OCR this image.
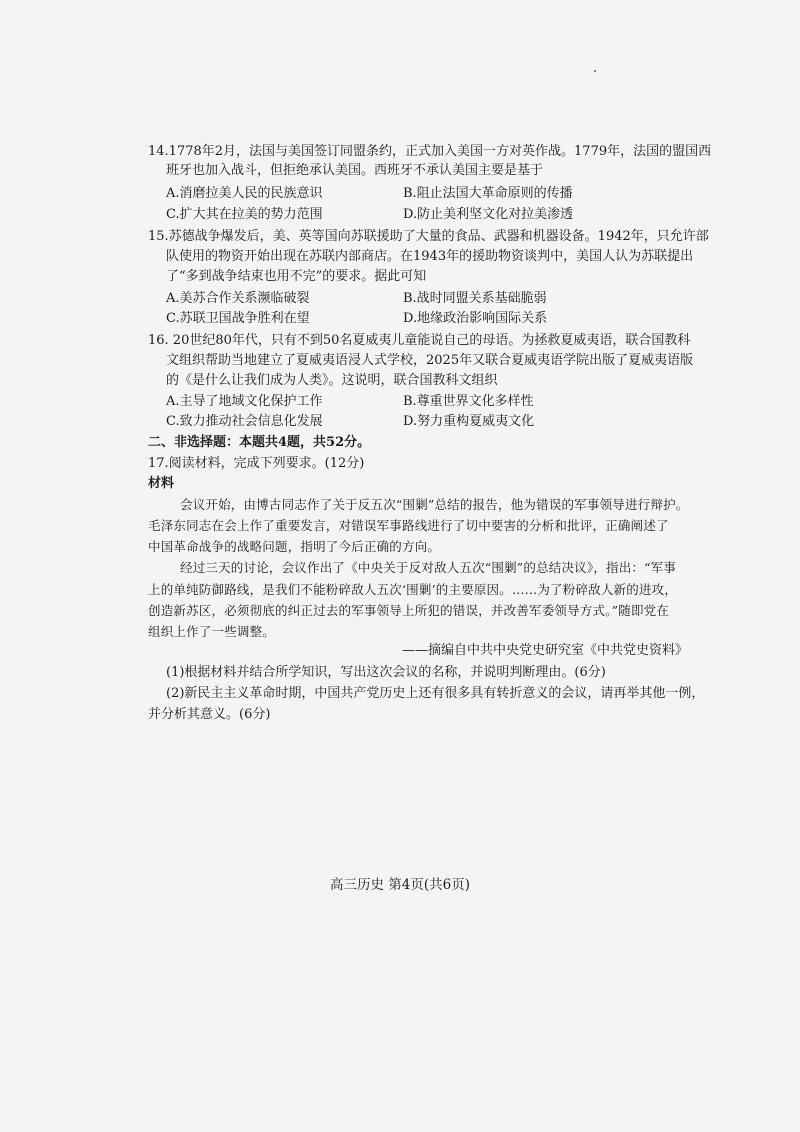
14.1778年2月，法国与美国签订同盟条约，正式加入美国一方对英作战。1779年，法国的盟国西
班牙也加入战斗，但拒绝承认美国。西班牙不承认美国主要是基于
A.消磨拉美人民的民族意识	B.阻止法国大革命原则的传播
C.扩大其在拉美的势力范围	D.防止美利坚文化对拉美渗透
15.苏德战争爆发后，美、英等国向苏联援助了大量的食品、武器和机器设备。1942年，只允许部
队使用的物资开始出现在苏联内部商店。在1943年的援助物资谈判中，美国人认为苏联提出
了“多到战争结束也用不完”的要求。据此可知
A.美苏合作关系濒临破裂	B.战时同盟关系基础脆弱
C.苏联卫国战争胜利在望	D.地缘政治影响国际关系
16. 20世纪80年代，只有不到50名夏威夷儿童能说自己的母语。为拯救夏威夷语，联合国教科
文组织帮助当地建立了夏威夷语浸人式学校，2025年又联合夏威夷语学院出版了夏威夷语版
的《是什么让我们成为人类》。这说明，联合国教科文组织
A.主导了地域文化保护工作	B.尊重世界文化多样性
C.致力推动社会信息化发展	D.努力重构夏威夷文化
二、非选择题：本题共4题，共52分。
17.阅读材料，完成下列要求。(12分)
材料
会议开始，由博古同志作了关于反五次“围剿”总结的报告，他为错误的军事领导进行辩护。
毛泽东同志在会上作了重要发言，对错误军事路线进行了切中要害的分析和批评，正确阐述了
中国革命战争的战略问题，指明了今后正确的方向。
经过三天的讨论，会议作出了《中央关于反对敌人五次“围剿”的总结决议》，指出：“军事
上的单纯防御路线，是我们不能粉碎敌人五次‘围剿’的主要原因。……为了粉碎敌人新的进攻，
创造新苏区，必须彻底的纠正过去的军事领导上所犯的错误，并改善军委领导方式。”随即党在
组织上作了一些调整。
——摘编自中共中央党史研究室《中共党史资料》
(1)根据材料并结合所学知识，写出这次会议的名称，并说明判断理由。(6分)
(2)新民主主义革命时期，中国共产党历史上还有很多具有转折意义的会议，请再举其他一例，
并分析其意义。(6分)
高三历史 第4页(共6页)
